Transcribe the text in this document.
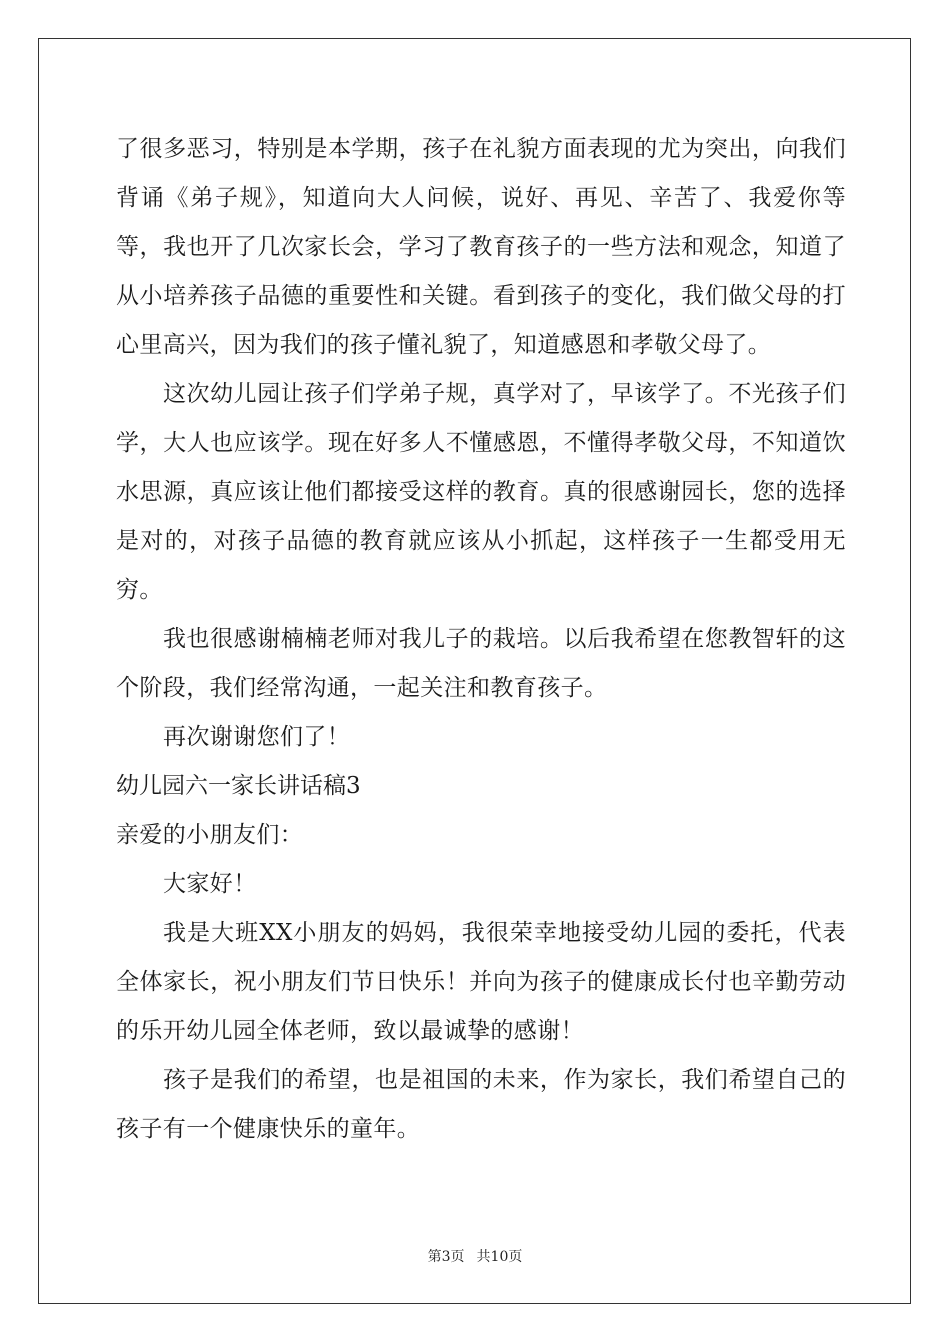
了很多恶习，特别是本学期，孩子在礼貌方面表现的尤为突出，向我们背诵《弟子规》，知道向大人问候，说好、再见、辛苦了、我爱你等等，我也开了几次家长会，学习了教育孩子的一些方法和观念，知道了从小培养孩子品德的重要性和关键。看到孩子的变化，我们做父母的打心里高兴，因为我们的孩子懂礼貌了，知道感恩和孝敬父母了。

这次幼儿园让孩子们学弟子规，真学对了，早该学了。不光孩子们学，大人也应该学。现在好多人不懂感恩，不懂得孝敬父母，不知道饮水思源，真应该让他们都接受这样的教育。真的很感谢园长，您的选择是对的，对孩子品德的教育就应该从小抓起，这样孩子一生都受用无穷。

我也很感谢楠楠老师对我儿子的栽培。以后我希望在您教智轩的这个阶段，我们经常沟通，一起关注和教育孩子。

再次谢谢您们了！

幼儿园六一家长讲话稿3

亲爱的小朋友们：

大家好！

我是大班XX小朋友的妈妈，我很荣幸地接受幼儿园的委托，代表全体家长，祝小朋友们节日快乐！并向为孩子的健康成长付也辛勤劳动的乐开幼儿园全体老师，致以最诚挚的感谢！

孩子是我们的希望，也是祖国的未来，作为家长，我们希望自己的孩子有一个健康快乐的童年。

第3页 共10页
